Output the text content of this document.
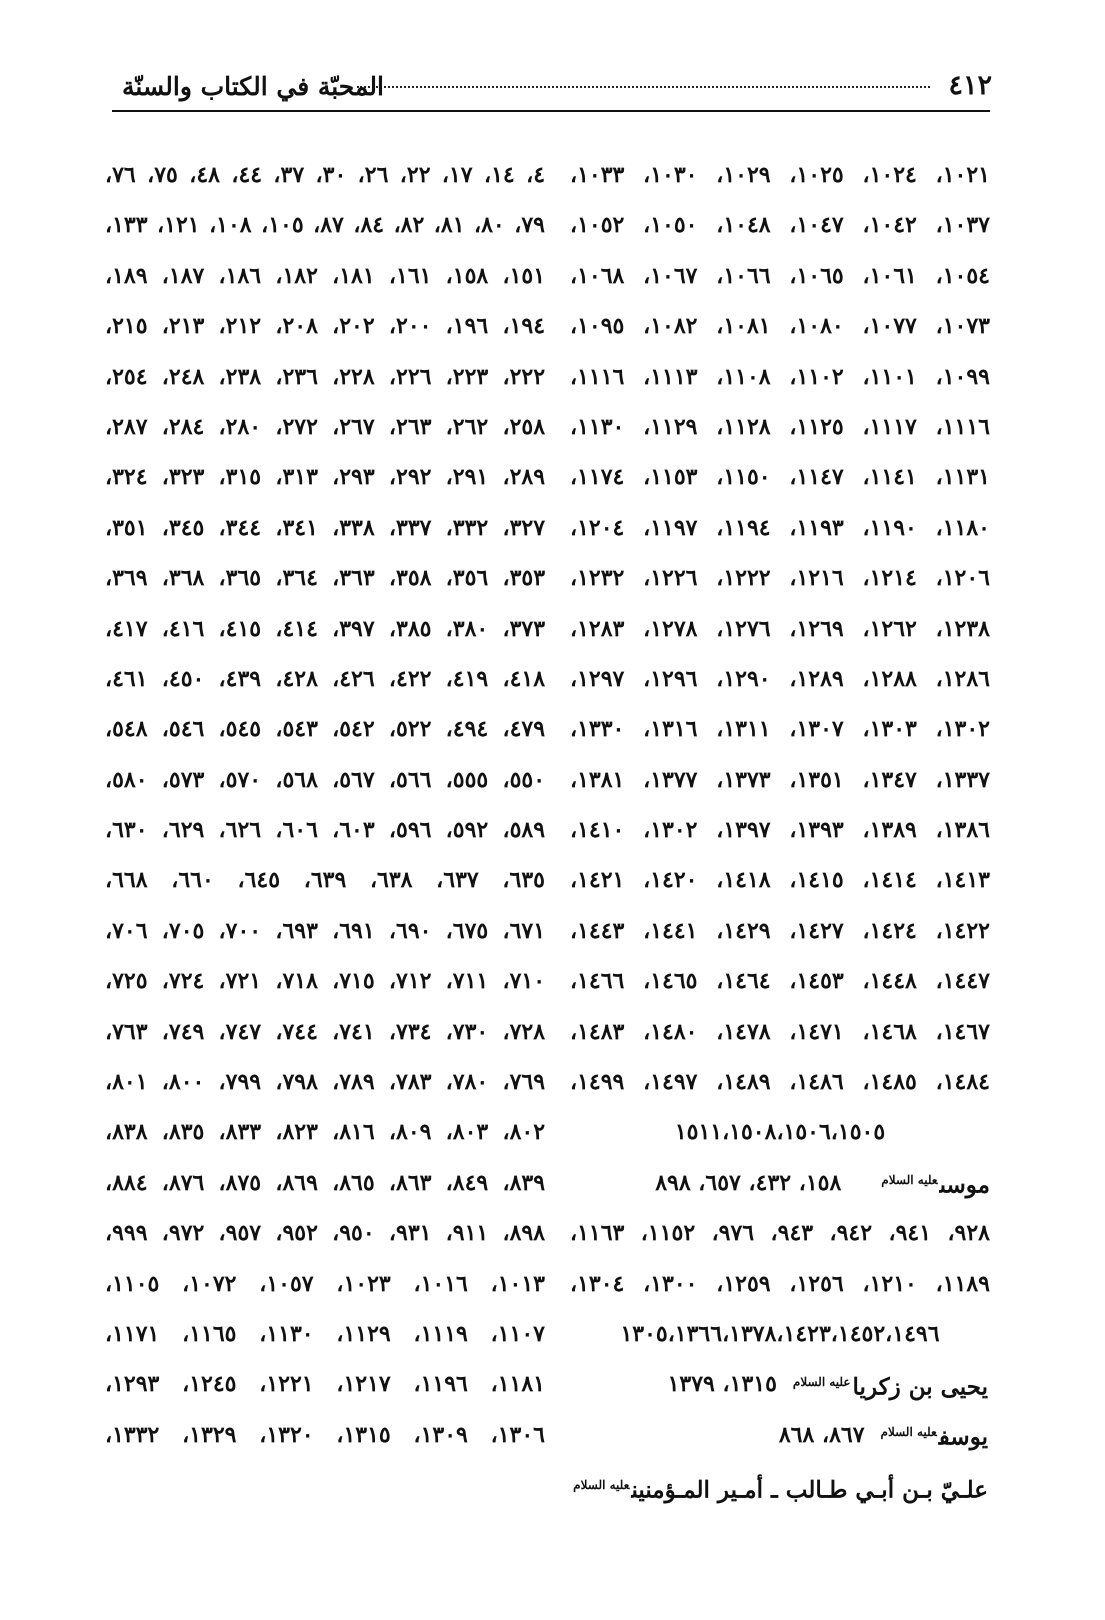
٤١٢
المحبّة في الكتاب والسنّة
١٠٢١، ١٠٢٤، ١٠٢٥، ١٠٢٩، ١٠٣٠، ١٠٣٣،
١٠٣٧، ١٠٤٢، ١٠٤٧، ١٠٤٨، ١٠٥٠، ١٠٥٢،
١٠٥٤، ١٠٦١، ١٠٦٥، ١٠٦٦، ١٠٦٧، ١٠٦٨،
١٠٧٣، ١٠٧٧، ١٠٨٠، ١٠٨١، ١٠٨٢، ١٠٩٥،
١٠٩٩، ١١٠١، ١١٠٢، ١١٠٨، ١١١٣، ١١١٦،
١١١٦، ١١١٧، ١١٢٥، ١١٢٨، ١١٢٩، ١١٣٠،
١١٣١، ١١٤١، ١١٤٧، ١١٥٠، ١١٥٣، ١١٧٤،
١١٨٠، ١١٩٠، ١١٩٣، ١١٩٤، ١١٩٧، ١٢٠٤،
١٢٠٦، ١٢١٤، ١٢١٦، ١٢٢٢، ١٢٢٦، ١٢٣٢،
١٢٣٨، ١٢٦٢، ١٢٦٩، ١٢٧٦، ١٢٧٨، ١٢٨٣،
١٢٨٦، ١٢٨٨، ١٢٨٩، ١٢٩٠، ١٢٩٦، ١٢٩٧،
١٣٠٢، ١٣٠٣، ١٣٠٧، ١٣١١، ١٣١٦، ١٣٣٠،
١٣٣٧، ١٣٤٧، ١٣٥١، ١٣٧٣، ١٣٧٧، ١٣٨١،
١٣٨٦، ١٣٨٩، ١٣٩٣، ١٣٩٧، ١٣٠٢، ١٤١٠،
١٤١٣، ١٤١٤، ١٤١٥، ١٤١٨، ١٤٢٠، ١٤٢١،
١٤٢٢، ١٤٢٤، ١٤٢٧، ١٤٢٩، ١٤٤١، ١٤٤٣،
١٤٤٧، ١٤٤٨، ١٤٥٣، ١٤٦٤، ١٤٦٥، ١٤٦٦،
١٤٦٧، ١٤٦٨، ١٤٧١، ١٤٧٨، ١٤٨٠، ١٤٨٣،
١٤٨٤، ١٤٨٥، ١٤٨٦، ١٤٨٩، ١٤٩٧، ١٤٩٩،
١٥١١،١٥٠٨،١٥٠٦،١٥٠٥
موسى$^{عليه السلام}$
١٥٨، ٤٣٢، ٦٥٧، ٨٩٨
٩٢٨، ٩٤١، ٩٤٢، ٩٤٣، ٩٧٦، ١١٥٢، ١١٦٣،
١١٨٩، ١٢١٠، ١٢٥٦، ١٢٥٩، ١٣٠٠، ١٣٠٤،
١٣٠٥،١٣٦٦،١٣٧٨،١٤٢٣،١٤٥٢،١٤٩٦
يحيى بن زكريا$^{عليه السلام}$
١٣١٥، ١٣٧٩
يوسف$^{عليه السلام}$
٨٦٧، ٨٦٨
علـيّ بـن أبـي طـالب ـ أمـير المـؤمنين$^{عليه السلام}$
٤، ١٤، ١٧، ٢٢، ٢٦، ٣٠، ٣٧، ٤٤، ٤٨، ٧٥، ٧٦،
٧٩، ٨٠، ٨١، ٨٢، ٨٤، ٨٧، ١٠٥، ١٠٨، ١٢١، ١٣٣،
١٥١، ١٥٨، ١٦١، ١٨١، ١٨٢، ١٨٦، ١٨٧، ١٨٩،
١٩٤، ١٩٦، ٢٠٠، ٢٠٢، ٢٠٨، ٢١٢، ٢١٣، ٢١٥،
٢٢٢، ٢٢٣، ٢٢٦، ٢٢٨، ٢٣٦، ٢٣٨، ٢٤٨، ٢٥٤،
٢٥٨، ٢٦٢، ٢٦٣، ٢٦٧، ٢٧٢، ٢٨٠، ٢٨٤، ٢٨٧،
٢٨٩، ٢٩١، ٢٩٢، ٢٩٣، ٣١٣، ٣١٥، ٣٢٣، ٣٢٤،
٣٢٧، ٣٣٢، ٣٣٧، ٣٣٨، ٣٤١، ٣٤٤، ٣٤٥، ٣٥١،
٣٥٣، ٣٥٦، ٣٥٨، ٣٦٣، ٣٦٤، ٣٦٥، ٣٦٨، ٣٦٩،
٣٧٣، ٣٨٠، ٣٨٥، ٣٩٧، ٤١٤، ٤١٥، ٤١٦، ٤١٧،
٤١٨، ٤١٩، ٤٢٢، ٤٢٦، ٤٢٨، ٤٣٩، ٤٥٠، ٤٦١،
٤٧٩، ٤٩٤، ٥٢٢، ٥٤٢، ٥٤٣، ٥٤٥، ٥٤٦، ٥٤٨،
٥٥٠، ٥٥٥، ٥٦٦، ٥٦٧، ٥٦٨، ٥٧٠، ٥٧٣، ٥٨٠،
٥٨٩، ٥٩٢، ٥٩٦، ٦٠٣، ٦٠٦، ٦٢٦، ٦٢٩، ٦٣٠،
٦٣٥، ٦٣٧، ٦٣٨، ٦٣٩، ٦٤٥، ٦٦٠، ٦٦٨،
٦٧١، ٦٧٥، ٦٩٠، ٦٩١، ٦٩٣، ٧٠٠، ٧٠٥، ٧٠٦،
٧١٠، ٧١١، ٧١٢، ٧١٥، ٧١٨، ٧٢١، ٧٢٤، ٧٢٥،
٧٢٨، ٧٣٠، ٧٣٤، ٧٤١، ٧٤٤، ٧٤٧، ٧٤٩، ٧٦٣،
٧٦٩، ٧٨٠، ٧٨٣، ٧٨٩، ٧٩٨، ٧٩٩، ٨٠٠، ٨٠١،
٨٠٢، ٨٠٣، ٨٠٩، ٨١٦، ٨٢٣، ٨٣٣، ٨٣٥، ٨٣٨،
٨٣٩، ٨٤٩، ٨٦٣، ٨٦٥، ٨٦٩، ٨٧٥، ٨٧٦، ٨٨٤،
٨٩٨، ٩١١، ٩٣١، ٩٥٠، ٩٥٢، ٩٥٧، ٩٧٢، ٩٩٩،
١٠١٣، ١٠١٦، ١٠٢٣، ١٠٥٧، ١٠٧٢، ١١٠٥،
١١٠٧، ١١١٩، ١١٢٩، ١١٣٠، ١١٦٥، ١١٧١،
١١٨١، ١١٩٦، ١٢١٧، ١٢٢١، ١٢٤٥، ١٢٩٣،
١٣٠٦، ١٣٠٩، ١٣١٥، ١٣٢٠، ١٣٢٩، ١٣٣٢،
